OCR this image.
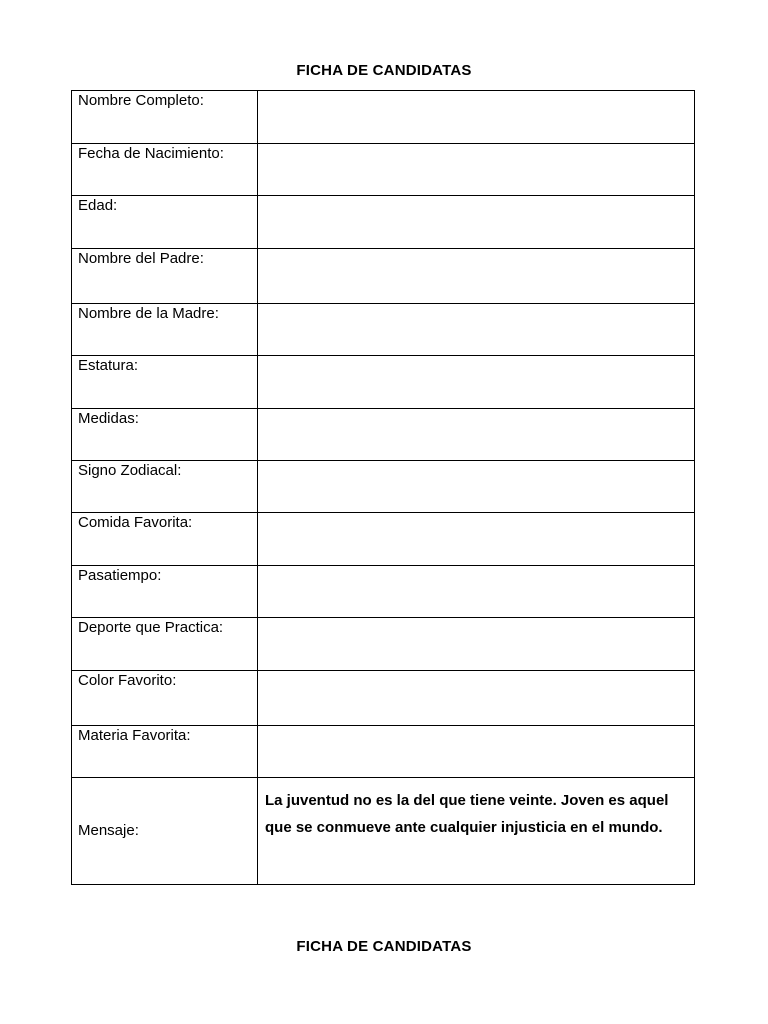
FICHA DE CANDIDATAS
Nombre Completo:	
Fecha de Nacimiento:	
Edad:	
Nombre del Padre:	
Nombre de la Madre:	
Estatura:	
Medidas:	
Signo Zodiacal:	
Comida Favorita:	
Pasatiempo:	
Deporte que Practica:	
Color Favorito:	
Materia Favorita:	
Mensaje:	La juventud no es la del que tiene veinte. Joven es aquel que se conmueve ante cualquier injusticia en el mundo.
FICHA DE CANDIDATAS
